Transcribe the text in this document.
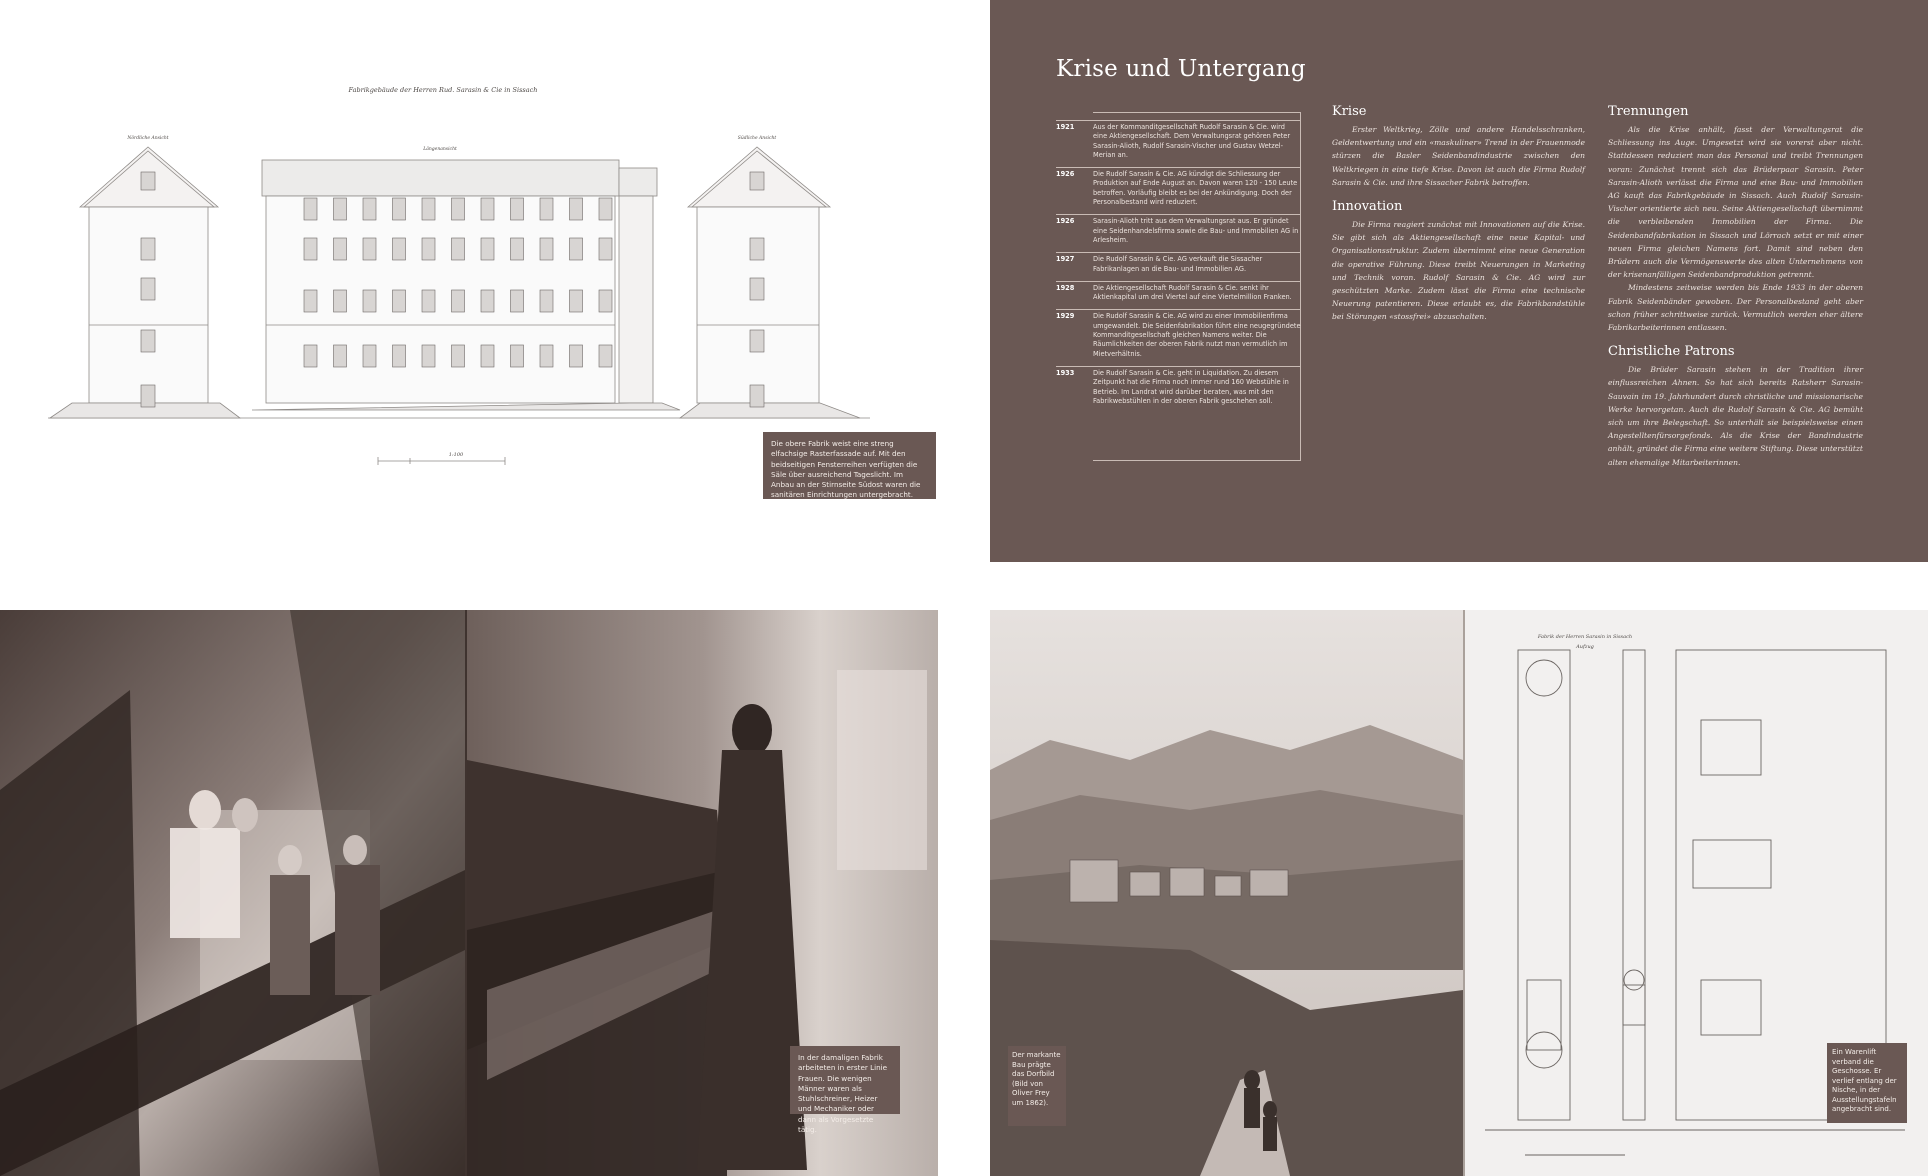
Fabrikgebäude der Herren Rud. Sarasin & Cie in Sissach
Nördliche Ansicht
Längenansicht
Südliche Ansicht
1:100
Die obere Fabrik weist eine streng elfachsige Rasterfassade auf. Mit den beidseitigen Fensterreihen verfügten die Säle über ausreichend Tageslicht. Im Anbau an der Stirnseite Südost waren die sanitären Einrichtungen untergebracht.
Krise und Untergang
1921	Aus der Kommanditgesellschaft Rudolf Sarasin & Cie. wird eine Aktiengesellschaft. Dem Verwaltungsrat gehören Peter Sarasin-Alioth, Rudolf Sarasin-Vischer und Gustav Wetzel-Merian an.
1926	Die Rudolf Sarasin & Cie. AG kündigt die Schliessung der Produktion auf Ende August an. Davon waren 120 - 150 Leute betroffen. Vorläufig bleibt es bei der Ankündigung. Doch der Personalbestand wird reduziert.
1926	Sarasin-Alioth tritt aus dem Verwaltungsrat aus. Er gründet eine Seidenhandelsfirma sowie die Bau- und Immobilien AG in Arlesheim.
1927	Die Rudolf Sarasin & Cie. AG verkauft die Sissacher Fabrikanlagen an die Bau- und Immobilien AG.
1928	Die Aktiengesellschaft Rudolf Sarasin & Cie. senkt ihr Aktienkapital um drei Viertel auf eine Viertelmillion Franken.
1929	Die Rudolf Sarasin & Cie. AG wird zu einer Immobilienfirma umgewandelt. Die Seidenfabrikation führt eine neugegründete Kommanditgesellschaft gleichen Namens weiter. Die Räumlichkeiten der oberen Fabrik nutzt man vermutlich im Mietverhältnis.
1933	Die Rudolf Sarasin & Cie. geht in Liquidation. Zu diesem Zeitpunkt hat die Firma noch immer rund 160 Webstühle in Betrieb. Im Landrat wird darüber beraten, was mit den Fabrikwebstühlen in der oberen Fabrik geschehen soll.
Krise

Erster Weltkrieg, Zölle und andere Handelsschranken, Geldentwertung und ein «maskuliner» Trend in der Frauenmode stürzen die Basler Seidenbandindustrie zwischen den Weltkriegen in eine tiefe Krise. Davon ist auch die Firma Rudolf Sarasin & Cie. und ihre Sissacher Fabrik betroffen.

Innovation

Die Firma reagiert zunächst mit Innovationen auf die Krise. Sie gibt sich als Aktiengesellschaft eine neue Kapital- und Organisationsstruktur. Zudem übernimmt eine neue Generation die operative Führung. Diese treibt Neuerungen in Marketing und Technik voran. Rudolf Sarasin & Cie. AG wird zur geschützten Marke. Zudem lässt die Firma eine technische Neuerung patentieren. Diese erlaubt es, die Fabrikbandstühle bei Störungen «stossfrei» abzuschalten.

Trennungen

Als die Krise anhält, fasst der Verwaltungsrat die Schliessung ins Auge. Umgesetzt wird sie vorerst aber nicht. Stattdessen reduziert man das Personal und treibt Trennungen voran: Zunächst trennt sich das Brüderpaar Sarasin. Peter Sarasin-Alioth verlässt die Firma und eine Bau- und Immobilien AG kauft das Fabrikgebäude in Sissach. Auch Rudolf Sarasin-Vischer orientierte sich neu. Seine Aktiengesellschaft übernimmt die verbleibenden Immobilien der Firma. Die Seidenbandfabrikation in Sissach und Lörrach setzt er mit einer neuen Firma gleichen Namens fort. Damit sind neben den Brüdern auch die Vermögenswerte des alten Unternehmens von der krisenanfälligen Seidenbandproduktion getrennt.

Mindestens zeitweise werden bis Ende 1933 in der oberen Fabrik Seidenbänder gewoben. Der Personalbestand geht aber schon früher schrittweise zurück. Vermutlich werden eher ältere Fabrikarbeiterinnen entlassen.

Christliche Patrons

Die Brüder Sarasin stehen in der Tradition ihrer einflussreichen Ahnen. So hat sich bereits Ratsherr Sarasin-Sauvain im 19. Jahrhundert durch christliche und missionarische Werke hervorgetan. Auch die Rudolf Sarasin & Cie. AG bemüht sich um ihre Belegschaft. So unterhält sie beispielsweise einen Angestelltenfürsorgefonds. Als die Krise der Bandindustrie anhält, gründet die Firma eine weitere Stiftung. Diese unterstützt alten ehemalige Mitarbeiterinnen.

In der damaligen Fabrik arbeiteten in erster Linie Frauen. Die wenigen Männer waren als Stuhlschreiner, Heizer und Mechaniker oder dann als Vorgesetzte tätig.
Fabrik der Herren Sarasin in Sissach
Aufzug
Der markante Bau prägte das Dorfbild (Bild von Oliver Frey um 1862).
Ein Warenlift verband die Geschosse. Er verlief entlang der Nische, in der Ausstellungstafeln angebracht sind.
